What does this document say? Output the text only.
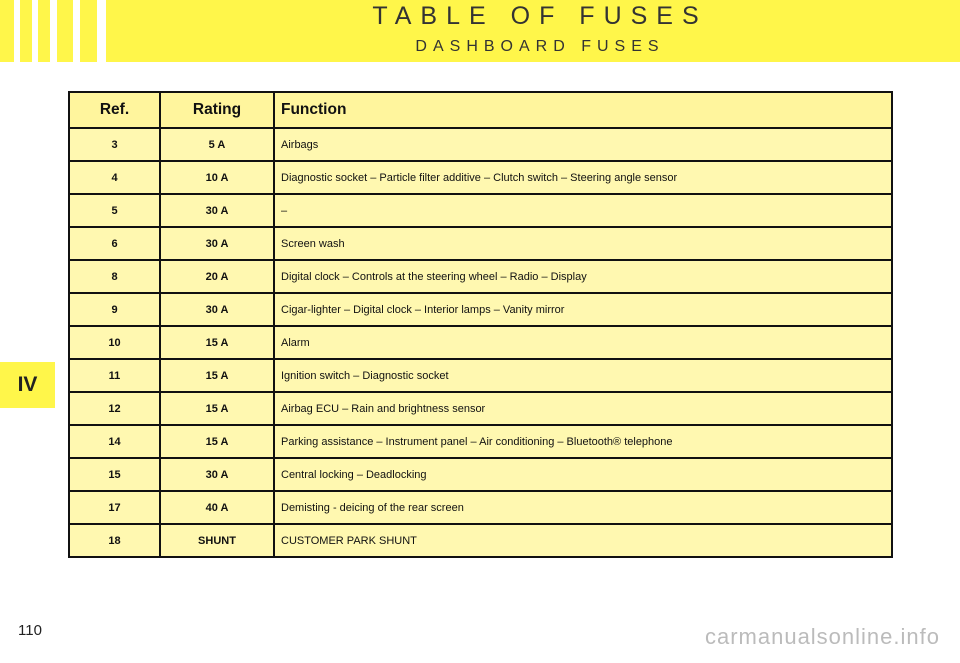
TABLE OF FUSES
DASHBOARD FUSES
IV
Ref.	Rating	Function
3	5 A	Airbags
4	10 A	Diagnostic socket – Particle filter additive – Clutch switch – Steering angle sensor
5	30 A	–
6	30 A	Screen wash
8	20 A	Digital clock – Controls at the steering wheel – Radio – Display
9	30 A	Cigar-lighter – Digital clock – Interior lamps – Vanity mirror
10	15 A	Alarm
11	15 A	Ignition switch – Diagnostic socket
12	15 A	Airbag ECU – Rain and brightness sensor
14	15 A	Parking assistance – Instrument panel – Air conditioning – Bluetooth® telephone
15	30 A	Central locking – Deadlocking
17	40 A	Demisting - deicing of the rear screen
18	SHUNT	CUSTOMER PARK SHUNT
110	carmanualsonline.info
